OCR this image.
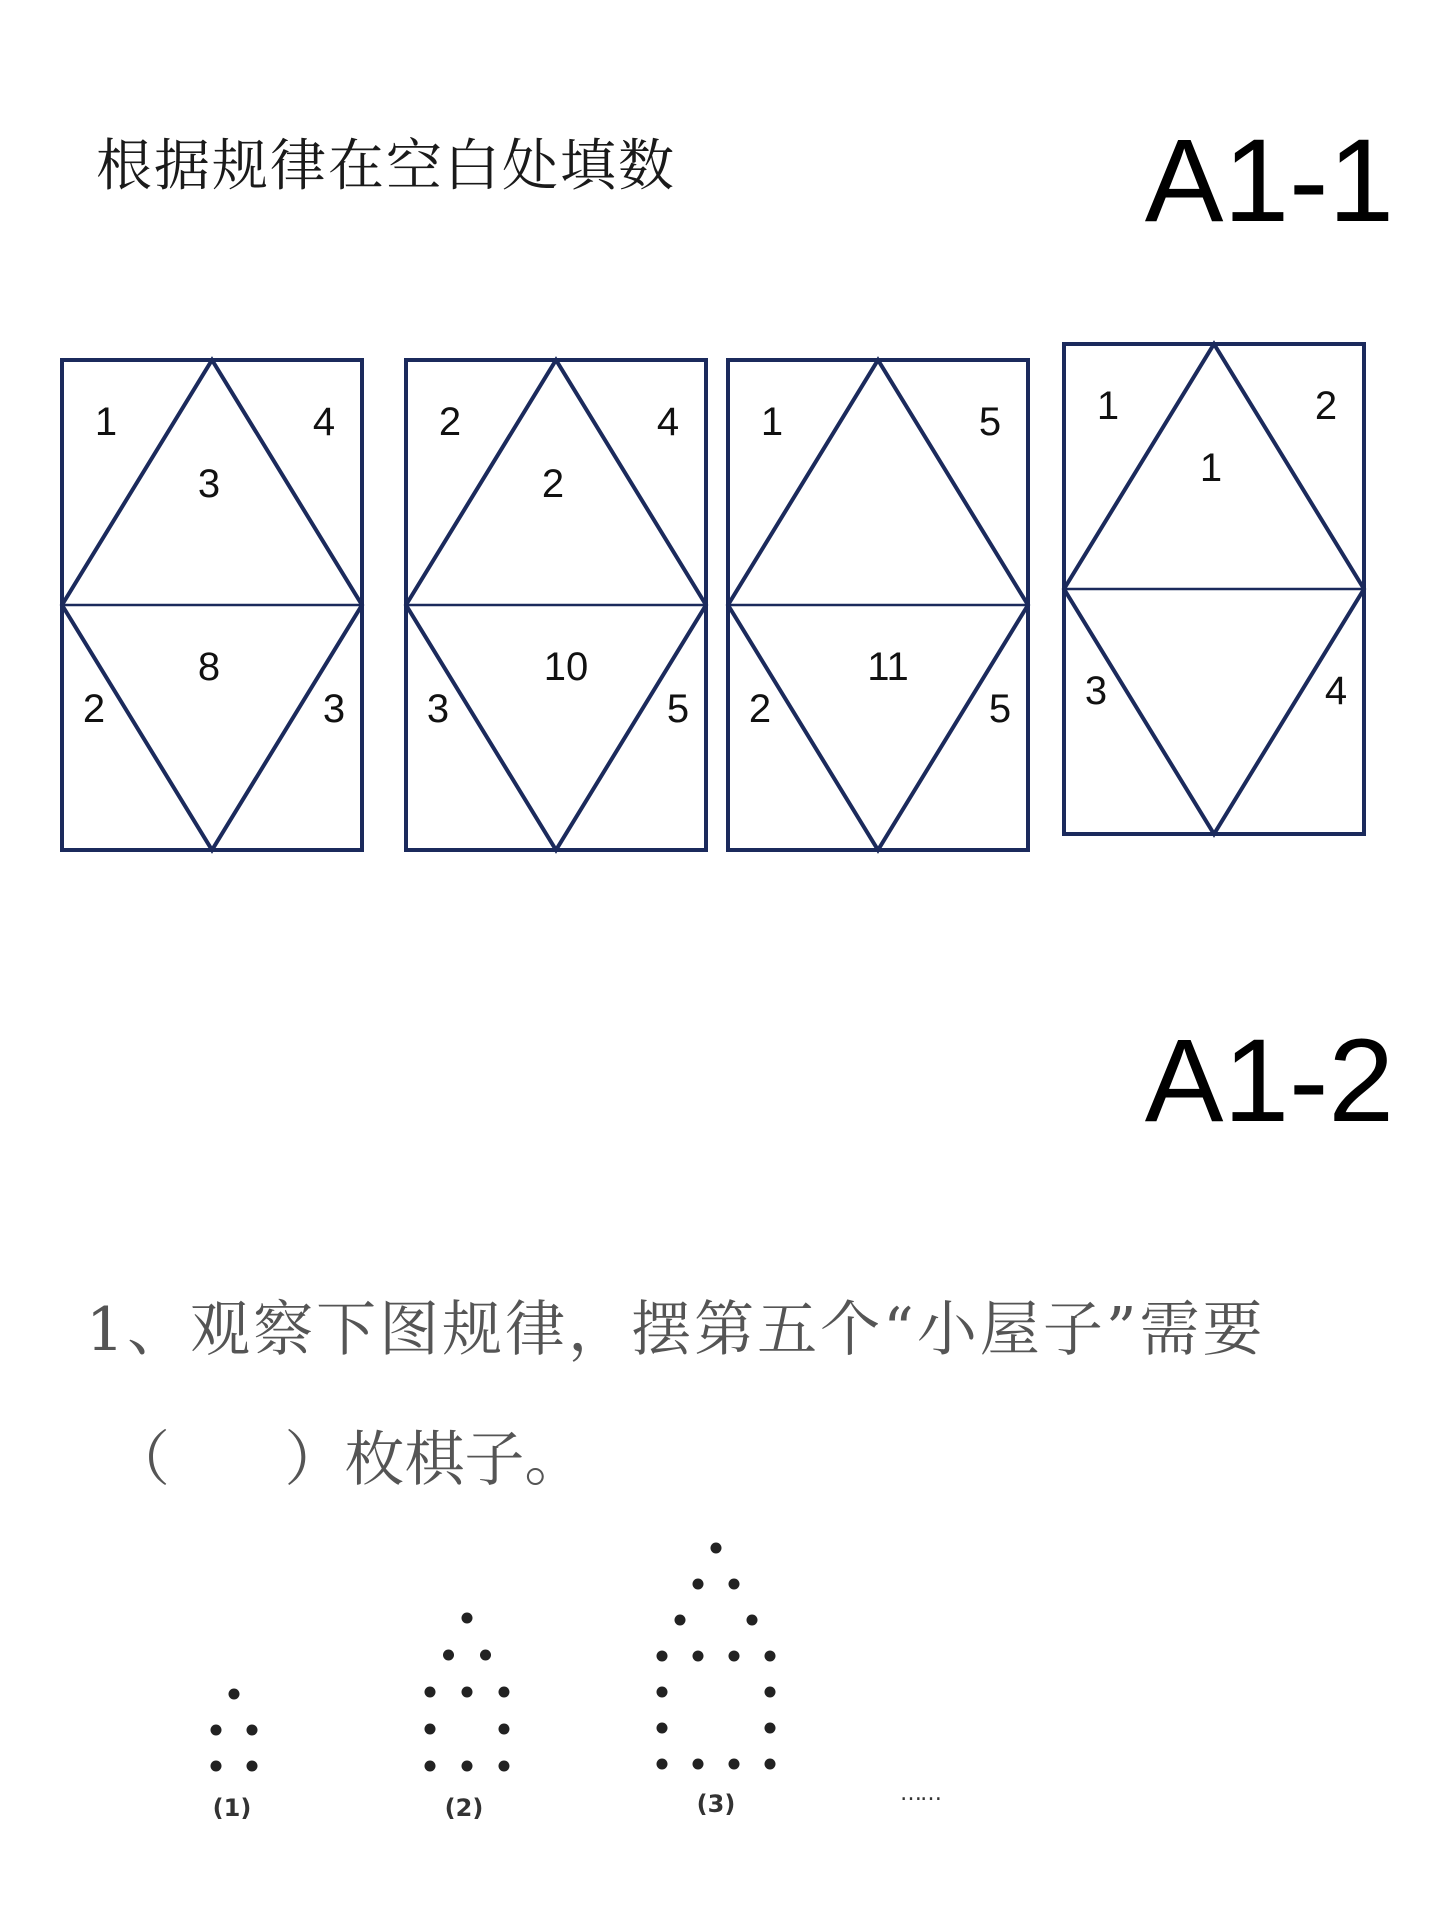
根据规律在空白处填数	A1-1
1	4
3
8
2	3
2	4
2
10
3	5
1	5
11
2	5
1	2
1
3	4
A1-2
1、观察下图规律，摆第五个“小屋子”需要
（      ）枚棋子。
(1)	(2)	(3)	……
